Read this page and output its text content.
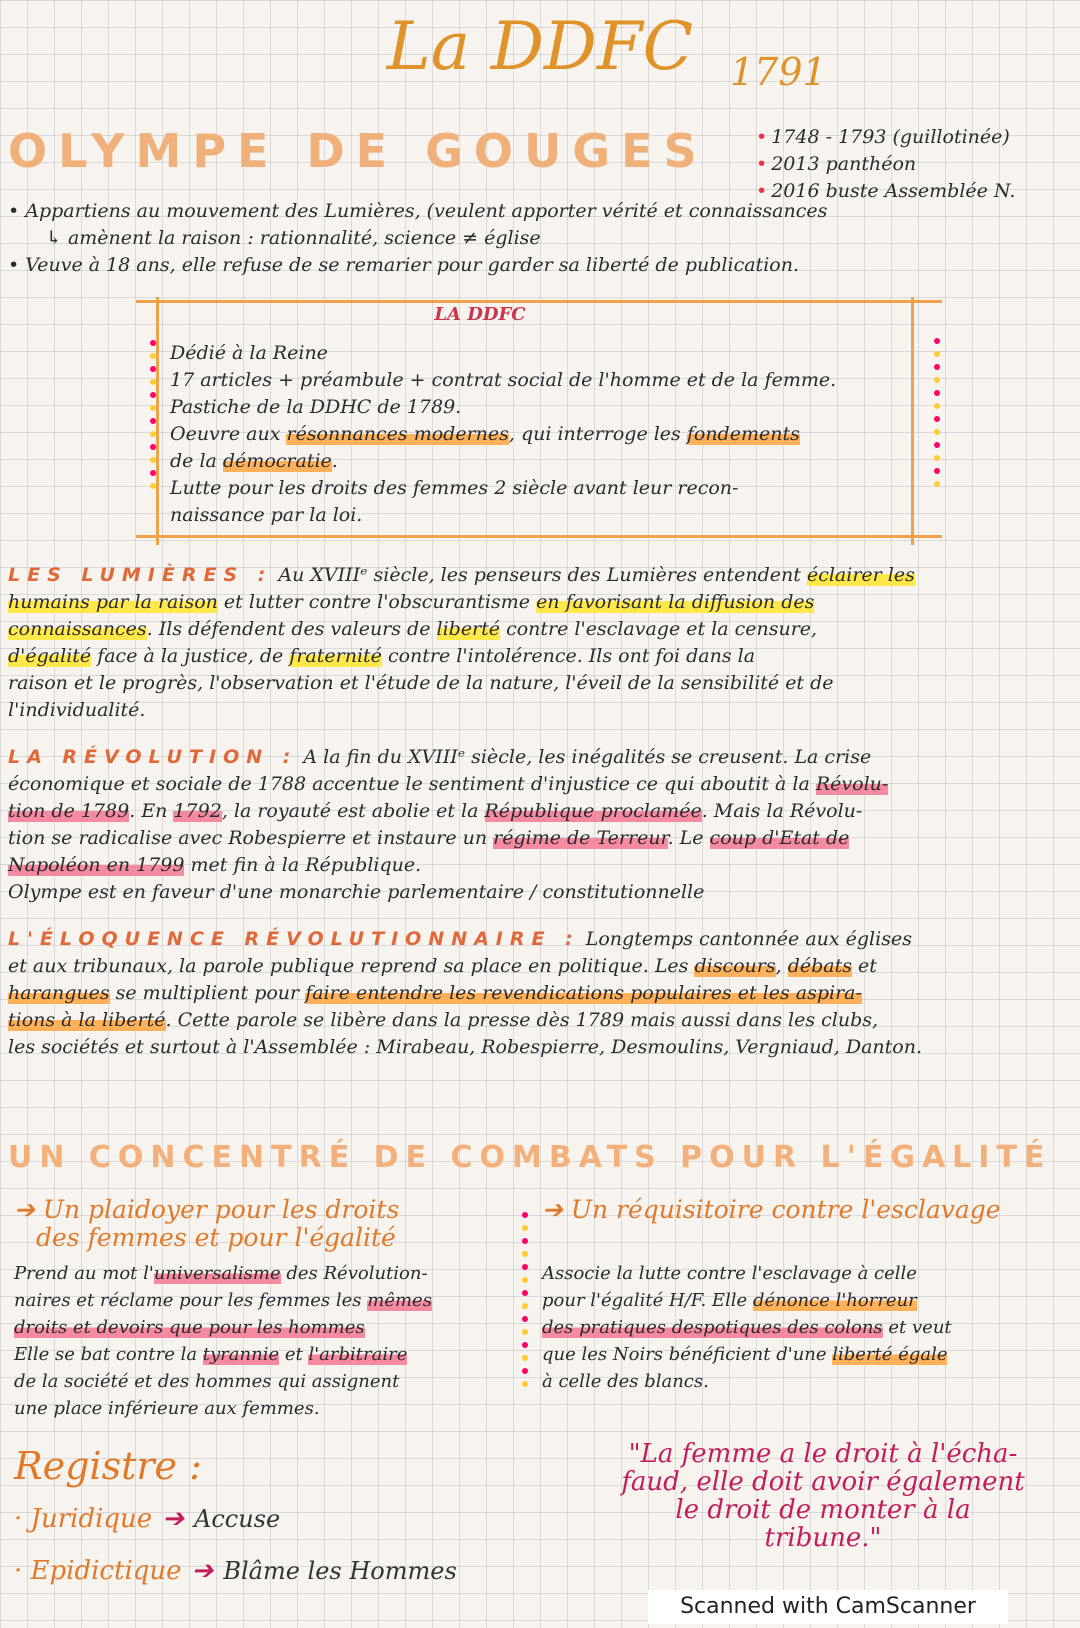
La DDFC 1791
OLYMPE DE GOUGES
•	1748 - 1793 (guillotinée)
• 2013 panthéon
• 2016 buste Assemblée N.
• Appartiens au mouvement des Lumières, (veulent apporter vérité et connaissances
↳ amènent la raison : rationnalité, science ≠ église
• Veuve à 18 ans, elle refuse de se remarier pour garder sa liberté de publication.
LA DDFC
Dédié à la Reine
17 articles + préambule + contrat social de l'homme et de la femme.
Pastiche de la DDHC de 1789.
Oeuvre aux résonnances modernes, qui interroge les fondements
de la démocratie.
Lutte pour les droits des femmes 2 siècle avant leur recon-
naissance par la loi.
LES LUMIÈRES : Au XVIIIᵉ siècle, les penseurs des Lumières entendent éclairer les
humains par la raison et lutter contre l'obscurantisme en favorisant la diffusion des
connaissances. Ils défendent des valeurs de liberté contre l'esclavage et la censure,
d'égalité face à la justice, de fraternité contre l'intolérence. Ils ont foi dans la
raison et le progrès, l'observation et l'étude de la nature, l'éveil de la sensibilité et de
l'individualité.
LA RÉVOLUTION : A la fin du XVIIIᵉ siècle, les inégalités se creusent. La crise
économique et sociale de 1788 accentue le sentiment d'injustice ce qui aboutit à la Révolu-
tion de 1789. En 1792, la royauté est abolie et la République proclamée. Mais la Révolu-
tion se radicalise avec Robespierre et instaure un régime de Terreur. Le coup d'Etat de
Napoléon en 1799 met fin à la République.
Olympe est en faveur d'une monarchie parlementaire / constitutionnelle
L'ÉLOQUENCE RÉVOLUTIONNAIRE : Longtemps cantonnée aux églises
et aux tribunaux, la parole publique reprend sa place en politique. Les discours, débats et
harangues se multiplient pour faire entendre les revendications populaires et les aspira-
tions à la liberté. Cette parole se libère dans la presse dès 1789 mais aussi dans les clubs,
les sociétés et surtout à l'Assemblée : Mirabeau, Robespierre, Desmoulins, Vergniaud, Danton.
UN CONCENTRÉ DE COMBATS POUR L'ÉGALITÉ
➔ Un plaidoyer pour les droits
des femmes et pour l'égalité
Prend au mot l'universalisme des Révolution-
naires et réclame pour les femmes les mêmes
droits et devoirs que pour les hommes
Elle se bat contre la tyrannie et l'arbitraire
de la société et des hommes qui assignent
une place inférieure aux femmes.
➔ Un réquisitoire contre l'esclavage
Associe la lutte contre l'esclavage à celle
pour l'égalité H/F. Elle dénonce l'horreur
des pratiques despotiques des colons et veut
que les Noirs bénéficient d'une liberté égale
à celle des blancs.
Registre :
· Juridique ➔ Accuse
· Epidictique ➔ Blâme les Hommes
"La femme a le droit à l'écha-
faud, elle doit avoir également
le droit de monter à la
tribune."
Scanned with CamScanner
